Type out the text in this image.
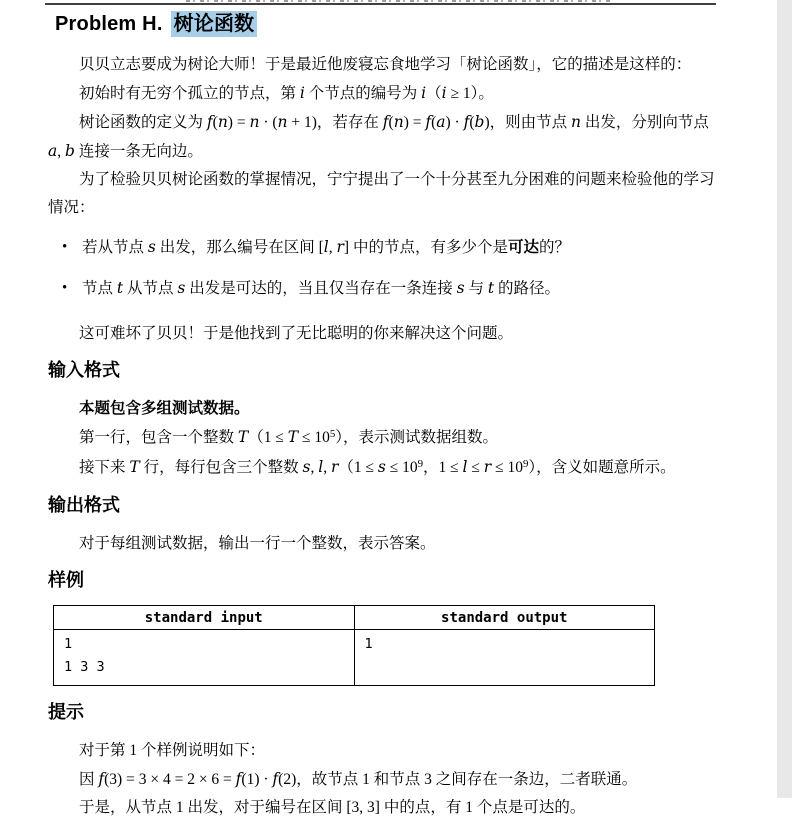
Problem H. 树论函数

贝贝立志要成为树论大师！于是最近他废寝忘食地学习「树论函数」，它的描述是这样的：

初始时有无穷个孤立的节点，第 i 个节点的编号为 i（i ≥ 1）。

树论函数的定义为 f(n) = n · (n + 1)，若存在 f(n) = f(a) · f(b)，则由节点 n 出发，分别向节点 a, b 连接一条无向边。

为了检验贝贝树论函数的掌握情况，宁宁提出了一个十分甚至九分困难的问题来检验他的学习情况：

• 若从节点 s 出发，那么编号在区间 [l, r] 中的节点，有多少个是可达的？
• 节点 t 从节点 s 出发是可达的，当且仅当存在一条连接 s 与 t 的路径。

这可难坏了贝贝！于是他找到了无比聪明的你来解决这个问题。

输入格式

本题包含多组测试数据。

第一行，包含一个整数 $T(1 \le T \le 10^5)$，表示测试数据组数。

接下来 T 行，每行包含三个整数 s, l, $r(1 \le s \le 10^9$，$1 \le l \le r \le 10^9$），含义如题意所示。

输出格式

对于每组测试数据，输出一行一个整数，表示答案。

样例
standard input	standard output

1
1 3 3	1
提示

对于第 1 个样例说明如下：

因 f(3) = 3 × 4 = 2 × 6 = f(1) · f(2)，故节点 1 和节点 3 之间存在一条边，二者联通。

于是，从节点 1 出发，对于编号在区间 [3, 3] 中的点，有 1 个点是可达的。
